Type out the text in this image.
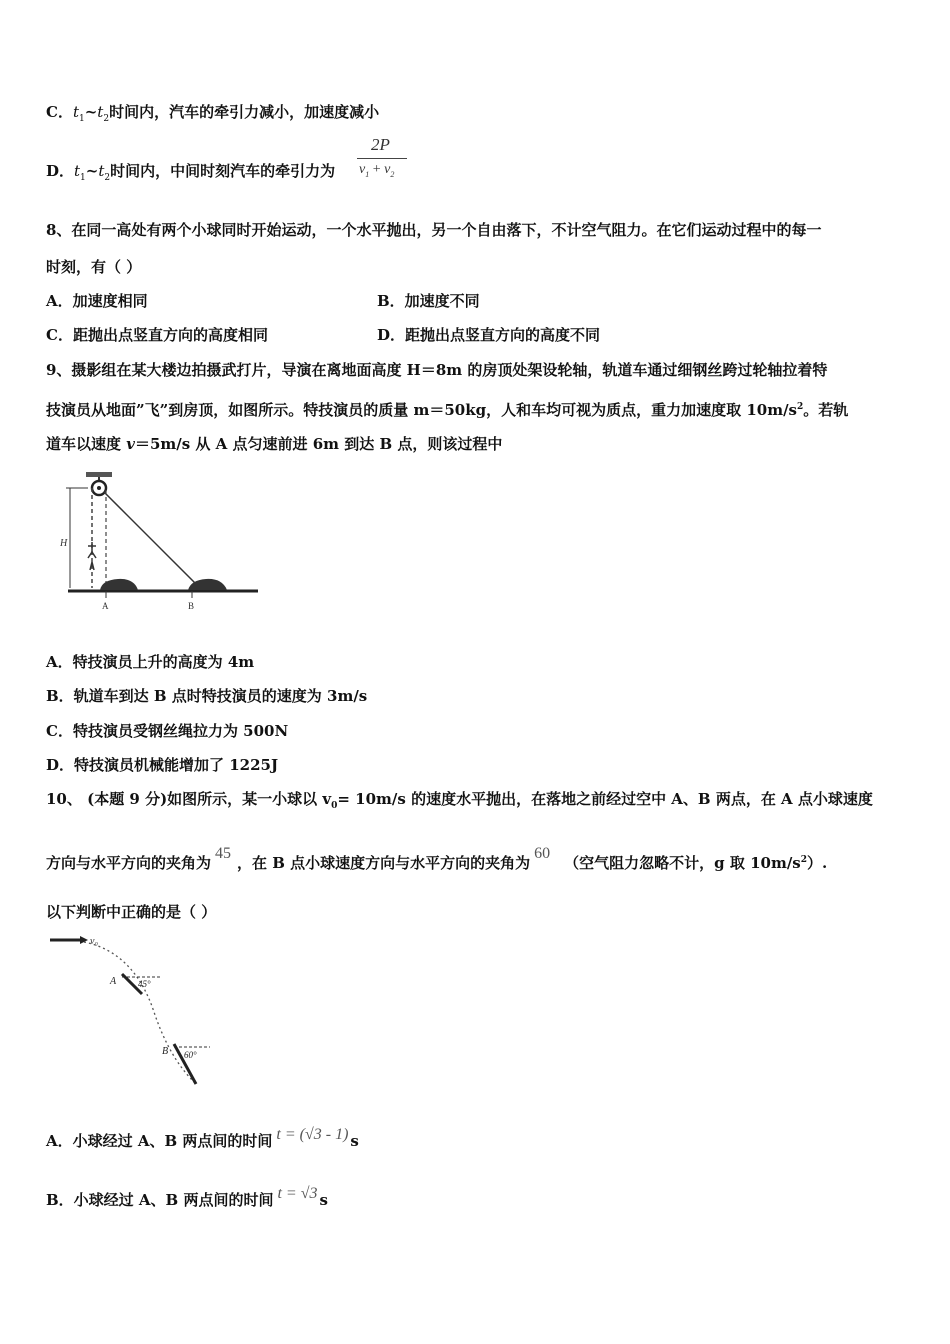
C．$t_1\sim t_2$时间内，汽车的牵引力减小，加速度减小
D．$t_1\sim t_2$时间内，中间时刻汽车的牵引力为
2P
$v_1 + v_2$
8、在同一高处有两个小球同时开始运动，一个水平抛出，另一个自由落下，不计空气阻力。在它们运动过程中的每一
时刻，有（ ）
A．加速度相同	B．加速度不同
C．距抛出点竖直方向的高度相同	D．距抛出点竖直方向的高度不同
9、摄影组在某大楼边拍摄武打片，导演在离地面高度 H＝8m 的房顶处架设轮轴，轨道车通过细钢丝跨过轮轴拉着特
技演员从地面”飞”到房顶，如图所示。特技演员的质量 m＝50kg，人和车均可视为质点，重力加速度取 $10m/s^2$。若轨
道车以速度 v＝5m/s 从 A 点匀速前进 6m 到达 B 点，则该过程中
H
A	B
A．特技演员上升的高度为 4m
B．轨道车到达 B 点时特技演员的速度为 3m/s
C．特技演员受钢丝绳拉力为 500N
D．特技演员机械能增加了 1225J
10、 (本题 9 分)如图所示，某一小球以 $v_0= 10m/s$ 的速度水平抛出，在落地之前经过空中 A、B 两点，在 A 点小球速度
方向与水平方向的夹角为45，在 B 点小球速度方向与水平方向的夹角为60（空气阻力忽略不计，g 取 $10m/s^2$）.
以下判断中正确的是（ ）
v₀
A 45°
B 60°
A．小球经过 A、B 两点间的时间 t = (√3 - 1) s
B．小球经过 A、B 两点间的时间 t = √3 s
